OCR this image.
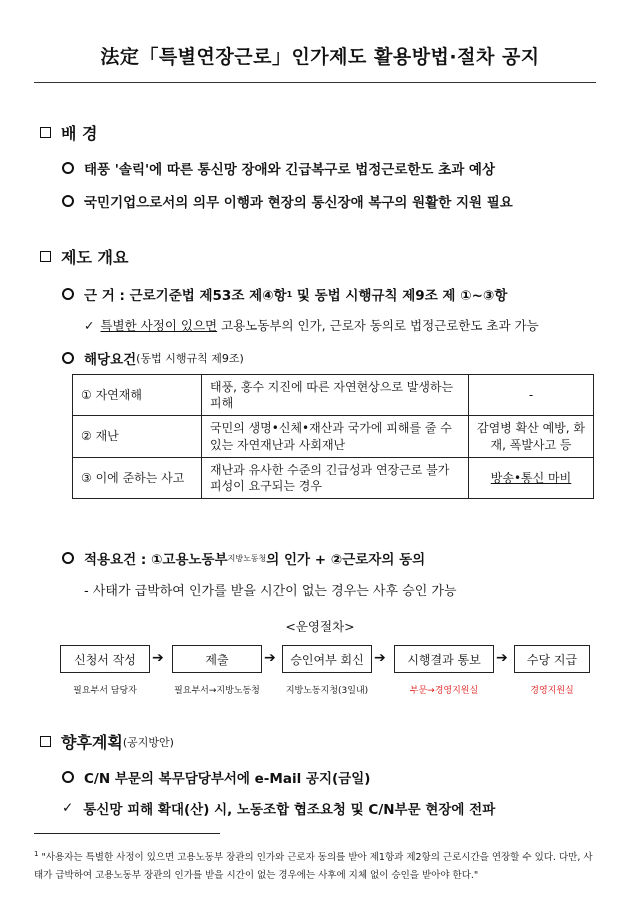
法定「특별연장근로」인가제도 활용방법·절차 공지
배 경
태풍 '솔릭'에 따른 통신망 장애와 긴급복구로 법정근로한도 초과 예상
국민기업으로서의 의무 이행과 현장의 통신장애 복구의 원활한 지원 필요
제도 개요
근 거 :
근로기준법 제53조 제④항 1
및 동법 시행규칙 제9조 제 ①~③항
✓ 특별한 사정이 있으면
고용노동부의 인가, 근로자 동의로 법정근로한도 초과 가능
해당요건 (동법 시행규칙 제9조)
① 자연재해	태풍, 홍수 지진에 따른 자연현상으로 발생하는 피해	-
② 재난	국민의 생명•신체•재산과 국가에 피해를 줄 수 있는 자연재난과 사회재난	감염병 확산 예방, 화재, 폭발사고 등
③ 이에 준하는 사고	재난과 유사한 수준의 긴급성과 연장근로 불가피성이 요구되는 경우	방송•통신 마비
적용요건 :
①고용노동부 지방노동청 의 인가 + ②근로자의 동의
- 사태가 급박하여 인가를 받을 시간이 없는 경우는 사후 승인 가능
<운영절차>
신청서 작성	➔	제출	➔	승인여부 회신 ➔	시행결과 통보	➔	수당 지급
필요부서 담당자	필요부서→지방노동청	지방노동지청(3일내)	부문→경영지원실	경영지원실
향후계획 (공지방안)
C/N 부문의 복무담당부서에 e-Mail 공지(금일)
✓ 통신망 피해 확대(산) 시, 노동조합 협조요청 및 C/N부문 현장에 전파
$^1$ "사용자는 특별한 사정이 있으면 고용노동부 장관의 인가와 근로자 동의를 받아 제1항과 제2항의 근로시간을 연장할 수 있다. 다만, 사태가 급박하여 고용노동부 장관의 인가를 받을 시간이 없는 경우에는 사후에 지체 없이 승인을 받아야 한다."
